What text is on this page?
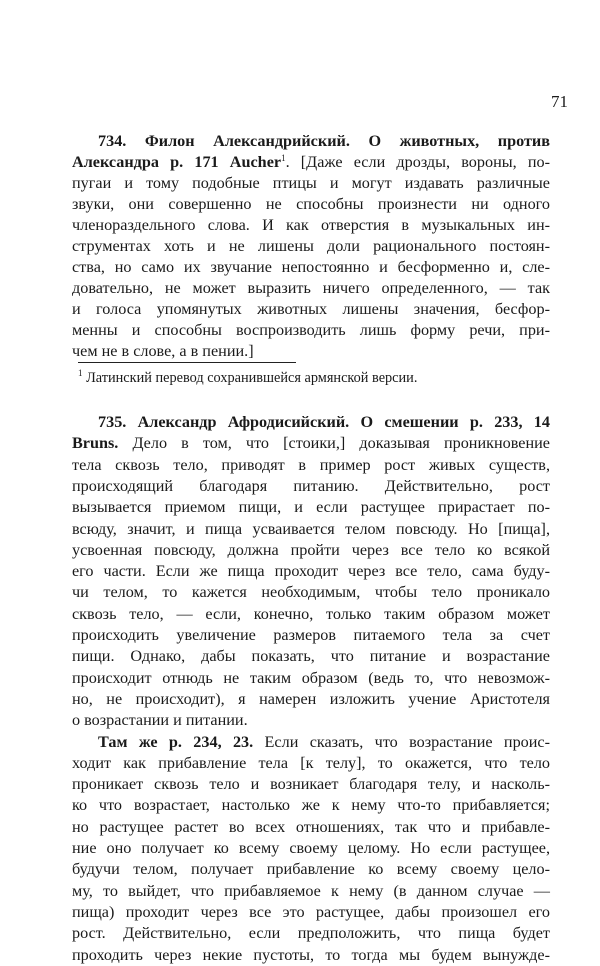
71
734. Филон Александрийский. О животных, против
Александра р. 171 Aucher$^1$. [Даже если дрозды, вороны, по-
пугаи и тому подобные птицы и могут издавать различные
звуки, они совершенно не способны произнести ни одного
членораздельного слова. И как отверстия в музыкальных ин-
струментах хоть и не лишены доли рационального постоян-
ства, но само их звучание непостоянно и бесформенно и, сле-
довательно, не может выразить ничего определенного, — так
и голоса упомянутых животных лишены значения, бесфор-
менны и способны воспроизводить лишь форму речи, при-
чем не в слове, а в пении.]
$^1$ Латинский перевод сохранившейся армянской версии.
735. Александр Афродисийский. О смешении р. 233, 14
Bruns. Дело в том, что [стоики,] доказывая проникновение
тела сквозь тело, приводят в пример рост живых существ,
происходящий благодаря питанию. Действительно, рост
вызывается приемом пищи, и если растущее прирастает по-
всюду, значит, и пища усваивается телом повсюду. Но [пища],
усвоенная повсюду, должна пройти через все тело ко всякой
его части. Если же пища проходит через все тело, сама буду-
чи телом, то кажется необходимым, чтобы тело проникало
сквозь тело, — если, конечно, только таким образом может
происходить увеличение размеров питаемого тела за счет
пищи. Однако, дабы показать, что питание и возрастание
происходит отнюдь не таким образом (ведь то, что невозмож-
но, не происходит), я намерен изложить учение Аристотеля
о возрастании и питании.
Там же р. 234, 23. Если сказать, что возрастание проис-
ходит как прибавление тела [к телу], то окажется, что тело
проникает сквозь тело и возникает благодаря телу, и насколь-
ко что возрастает, настолько же к нему что-то прибавляется;
но растущее растет во всех отношениях, так что и прибавле-
ние оно получает ко всему своему целому. Но если растущее,
будучи телом, получает прибавление ко всему своему цело-
му, то выйдет, что прибавляемое к нему (в данном случае —
пища) проходит через все это растущее, дабы произошел его
рост. Действительно, если предположить, что пища будет
проходить через некие пустоты, то тогда мы будем вынужде-
